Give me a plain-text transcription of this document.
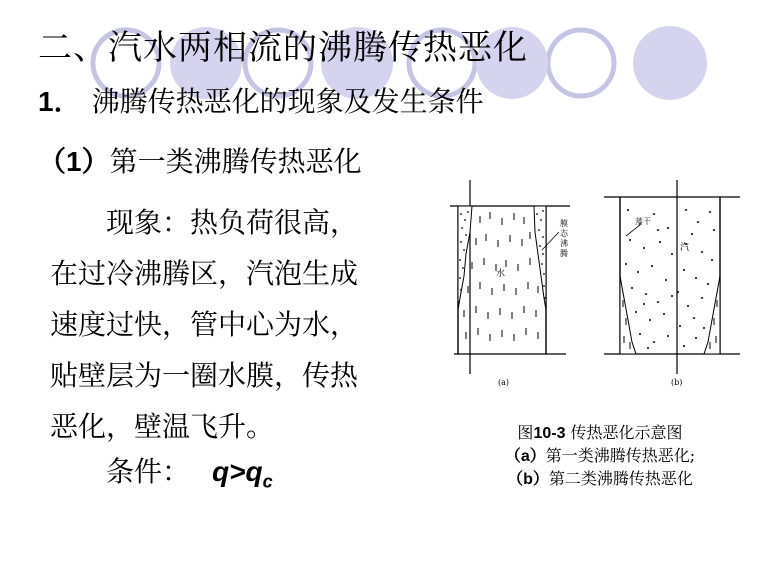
二、汽水两相流的沸腾传热恶化
1． 沸腾传热恶化的现象及发生条件
（1）第一类沸腾传热恶化
现象：热负荷很高，
在过冷沸腾区，汽泡生成
速度过快，管中心为水，
贴壁层为一圈水膜，传热
恶化，壁温飞升。
条件： $q>q_c$
水
膜 态 沸 腾
(a)
蒸干
汽
(b)
图10-3 传热恶化示意图
（a）第一类沸腾传热恶化;
（b）第二类沸腾传热恶化
